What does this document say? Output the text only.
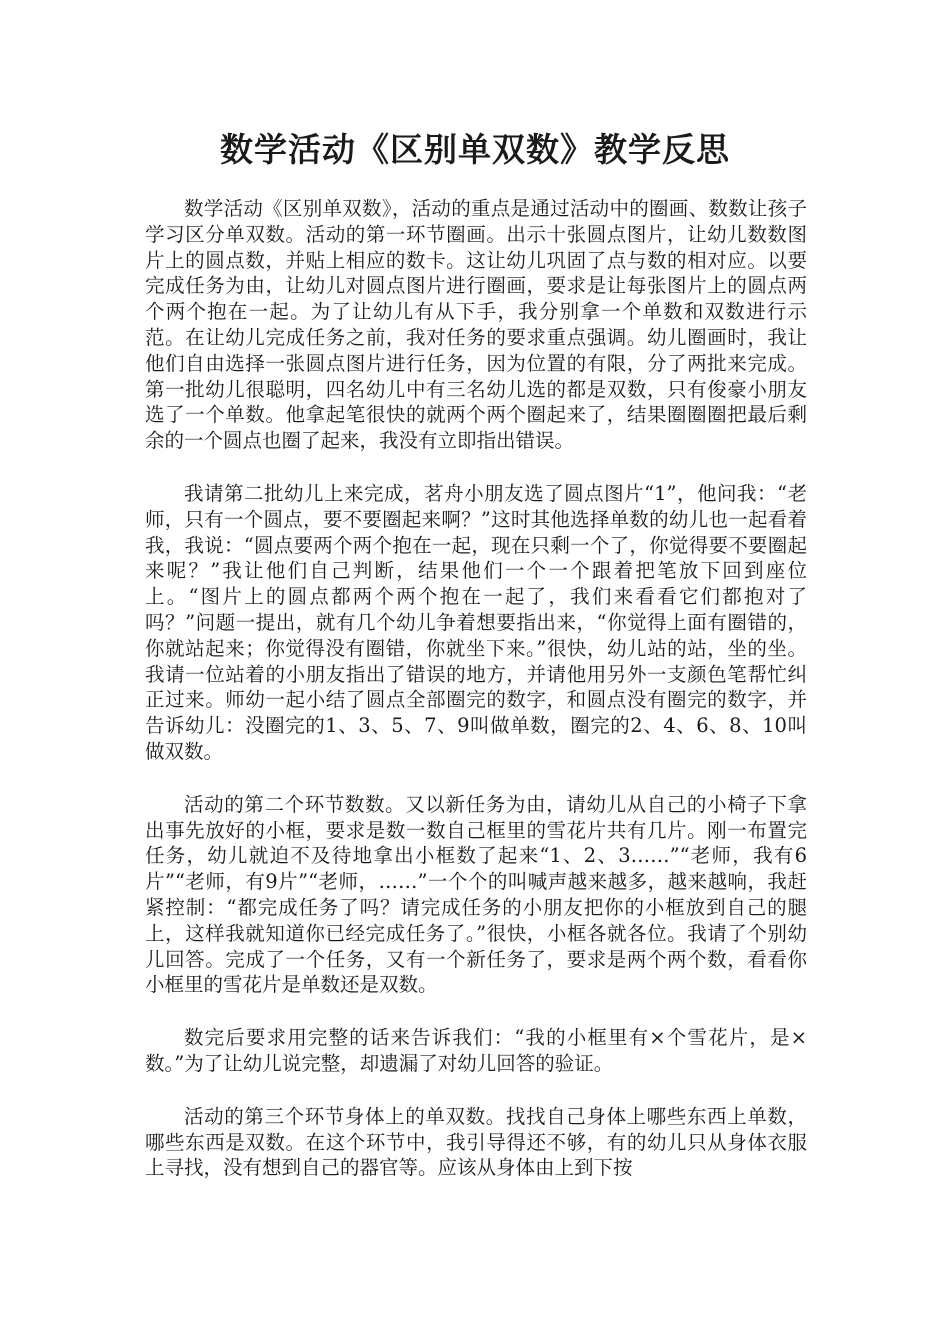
数学活动《区别单双数》教学反思

数学活动《区别单双数》，活动的重点是通过活动中的圈画、数数让孩子学习区分单双数。活动的第一环节圈画。出示十张圆点图片，让幼儿数数图片上的圆点数，并贴上相应的数卡。这让幼儿巩固了点与数的相对应。以要完成任务为由，让幼儿对圆点图片进行圈画，要求是让每张图片上的圆点两个两个抱在一起。为了让幼儿有从下手，我分别拿一个单数和双数进行示范。在让幼儿完成任务之前，我对任务的要求重点强调。幼儿圈画时，我让他们自由选择一张圆点图片进行任务，因为位置的有限，分了两批来完成。第一批幼儿很聪明，四名幼儿中有三名幼儿选的都是双数，只有俊豪小朋友选了一个单数。他拿起笔很快的就两个两个圈起来了，结果圈圈圈把最后剩余的一个圆点也圈了起来，我没有立即指出错误。

我请第二批幼儿上来完成，茗舟小朋友选了圆点图片“1”，他问我：“老师，只有一个圆点，要不要圈起来啊？”这时其他选择单数的幼儿也一起看着我，我说：“圆点要两个两个抱在一起，现在只剩一个了，你觉得要不要圈起来呢？”我让他们自己判断，结果他们一个一个跟着把笔放下回到座位上。“图片上的圆点都两个两个抱在一起了，我们来看看它们都抱对了吗？”问题一提出，就有几个幼儿争着想要指出来，“你觉得上面有圈错的，你就站起来；你觉得没有圈错，你就坐下来。”很快，幼儿站的站，坐的坐。我请一位站着的小朋友指出了错误的地方，并请他用另外一支颜色笔帮忙纠正过来。师幼一起小结了圆点全部圈完的数字，和圆点没有圈完的数字，并告诉幼儿：没圈完的1、3、5、7、9叫做单数，圈完的2、4、6、8、10叫做双数。

活动的第二个环节数数。又以新任务为由，请幼儿从自己的小椅子下拿出事先放好的小框，要求是数一数自己框里的雪花片共有几片。刚一布置完任务，幼儿就迫不及待地拿出小框数了起来“1、2、3……”“老师，我有6片”“老师，有9片”“老师，……”一个个的叫喊声越来越多，越来越响，我赶紧控制：“都完成任务了吗？请完成任务的小朋友把你的小框放到自己的腿上，这样我就知道你已经完成任务了。”很快，小框各就各位。我请了个别幼儿回答。完成了一个任务，又有一个新任务了，要求是两个两个数，看看你小框里的雪花片是单数还是双数。

数完后要求用完整的话来告诉我们：“我的小框里有×个雪花片，是×数。”为了让幼儿说完整，却遗漏了对幼儿回答的验证。

活动的第三个环节身体上的单双数。找找自己身体上哪些东西上单数，哪些东西是双数。在这个环节中，我引导得还不够，有的幼儿只从身体衣服上寻找，没有想到自己的器官等。应该从身体由上到下按
